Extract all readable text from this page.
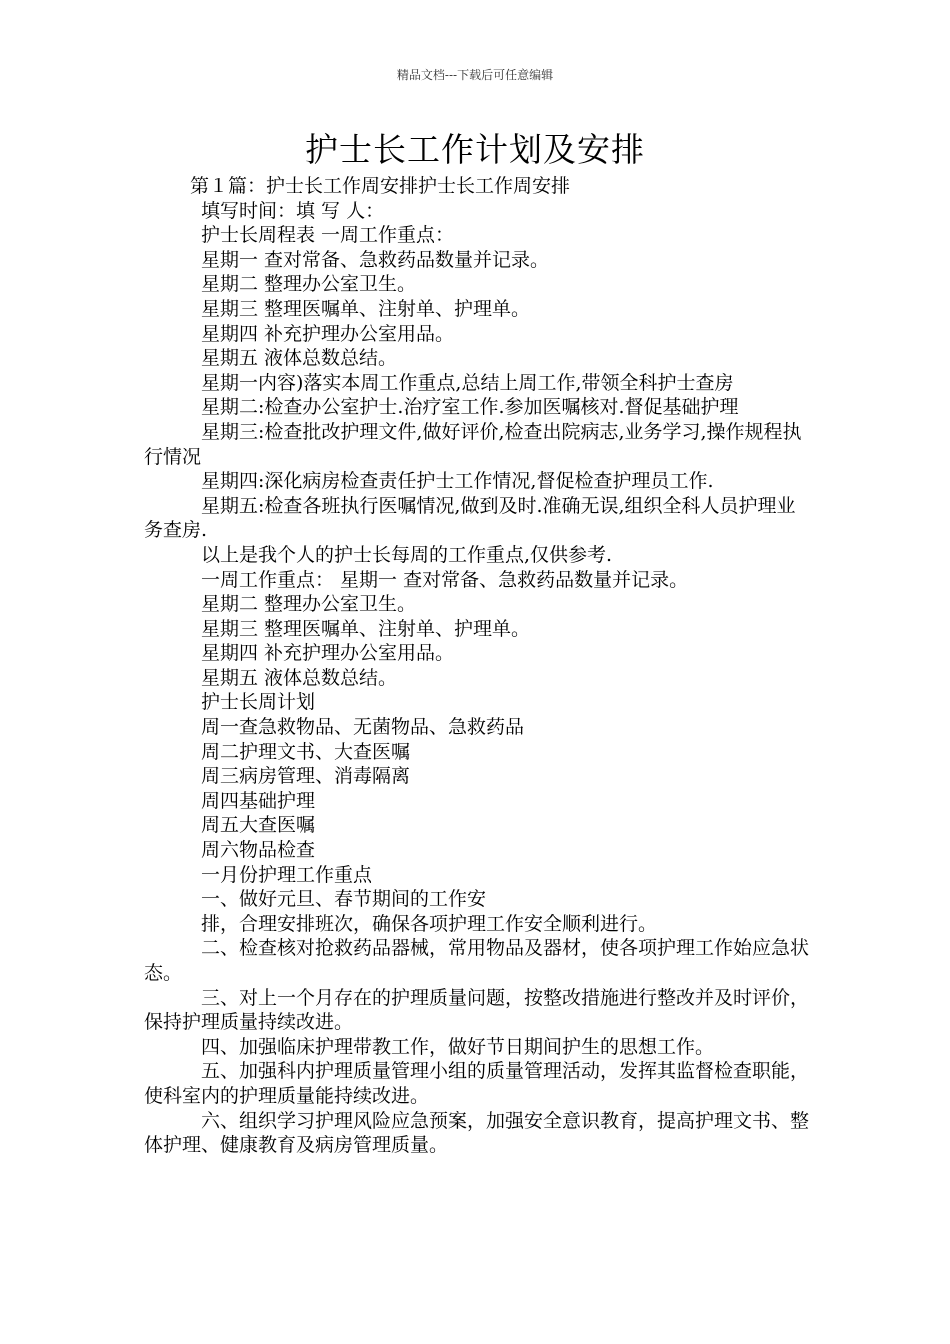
精品文档---下载后可任意编辑
护士长工作计划及安排

第１篇：护士长工作周安排护士长工作周安排

填写时间：填 写 人：

护士长周程表 一周工作重点：

星期一 查对常备、急救药品数量并记录。

星期二 整理办公室卫生。

星期三 整理医嘱单、注射单、护理单。

星期四 补充护理办公室用品。

星期五 液体总数总结。

星期一内容)落实本周工作重点,总结上周工作,带领全科护士查房

星期二:检查办公室护士.治疗室工作.参加医嘱核对.督促基础护理

星期三:检查批改护理文件,做好评价,检查出院病志,业务学习,操作规程执行情况

星期四:深化病房检查责任护士工作情况,督促检查护理员工作.

星期五:检查各班执行医嘱情况,做到及时.准确无误,组织全科人员护理业务查房.

以上是我个人的护士长每周的工作重点,仅供参考.

一周工作重点： 星期一 查对常备、急救药品数量并记录。

星期二 整理办公室卫生。

星期三 整理医嘱单、注射单、护理单。

星期四 补充护理办公室用品。

星期五 液体总数总结。

护士长周计划

周一查急救物品、无菌物品、急救药品

周二护理文书、大查医嘱

周三病房管理、消毒隔离

周四基础护理

周五大查医嘱

周六物品检查

一月份护理工作重点

一、做好元旦、春节期间的工作安

排，合理安排班次，确保各项护理工作安全顺利进行。

二、检查核对抢救药品器械，常用物品及器材，使各项护理工作始应急状态。

三、对上一个月存在的护理质量问题，按整改措施进行整改并及时评价，保持护理质量持续改进。

四、加强临床护理带教工作，做好节日期间护生的思想工作。

五、加强科内护理质量管理小组的质量管理活动，发挥其监督检查职能，使科室内的护理质量能持续改进。

六、组织学习护理风险应急预案，加强安全意识教育，提高护理文书、整体护理、健康教育及病房管理质量。
